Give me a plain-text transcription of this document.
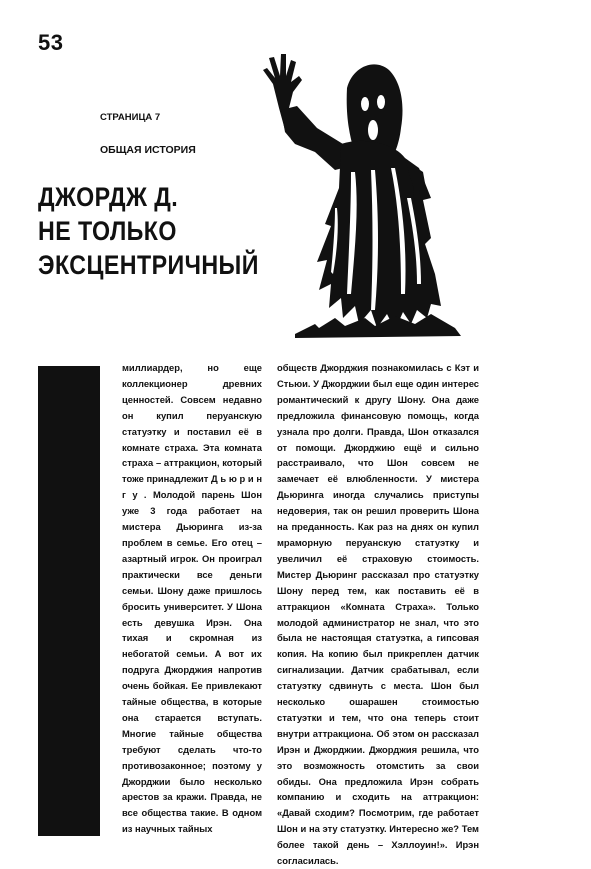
53
СТРАНИЦА 7
ОБЩАЯ ИСТОРИЯ
ДЖОРДЖ Д.
НЕ ТОЛЬКО
ЭКСЦЕНТРИЧНЫЙ
миллиардер, но еще коллекционер древних ценностей. Совсем недавно он купил перуанскую статуэтку и поставил её в комнате страха. Эта комната страха – аттракцион, который тоже принадлежит Д ь ю р и н г у . Молодой парень Шон уже 3 года работает на мистера Дьюринга из-за проблем в семье. Его отец – азартный игрок. Он проиграл практически все деньги семьи. Шону даже пришлось бросить университет. У Шона есть девушка Ирэн. Она тихая и скромная из небогатой семьи. А вот их подруга Джорджия напротив очень бойкая. Ее привлекают тайные общества, в которые она старается вступать. Многие тайные общества требуют сделать что-то противозаконное; поэтому у Джорджии было несколько арестов за кражи. Правда, не все общества такие. В одном из научных тайных
обществ Джорджия познакомилась с Кэт и Стьюи. У Джорджии был еще один интерес романтический к другу Шону. Она даже предложила финансовую помощь, когда узнала про долги. Правда, Шон отказался от помощи. Джорджию ещё и сильно расстраивало, что Шон совсем не замечает её влюбленности. У мистера Дьюринга иногда случались приступы недоверия, так он решил проверить Шона на преданность. Как раз на днях он купил мраморную перуанскую статуэтку и увеличил её страховую стоимость. Мистер Дьюринг рассказал про статуэтку Шону перед тем, как поставить её в аттракцион «Комната Страха». Только молодой администратор не знал, что это была не настоящая статуэтка, а гипсовая копия. На копию был прикреплен датчик сигнализации. Датчик срабатывал, если статуэтку сдвинуть с места. Шон был несколько ошарашен стоимостью статуэтки и тем, что она теперь стоит внутри аттракциона. Об этом он рассказал Ирэн и Джорджии. Джорджия решила, что это возможность отомстить за свои обиды. Она предложила Ирэн собрать компанию и сходить на аттракцион: «Давай сходим? Посмотрим, где работает Шон и на эту статуэтку. Интересно же? Тем более такой день – Хэллоуин!». Ирэн согласилась.
